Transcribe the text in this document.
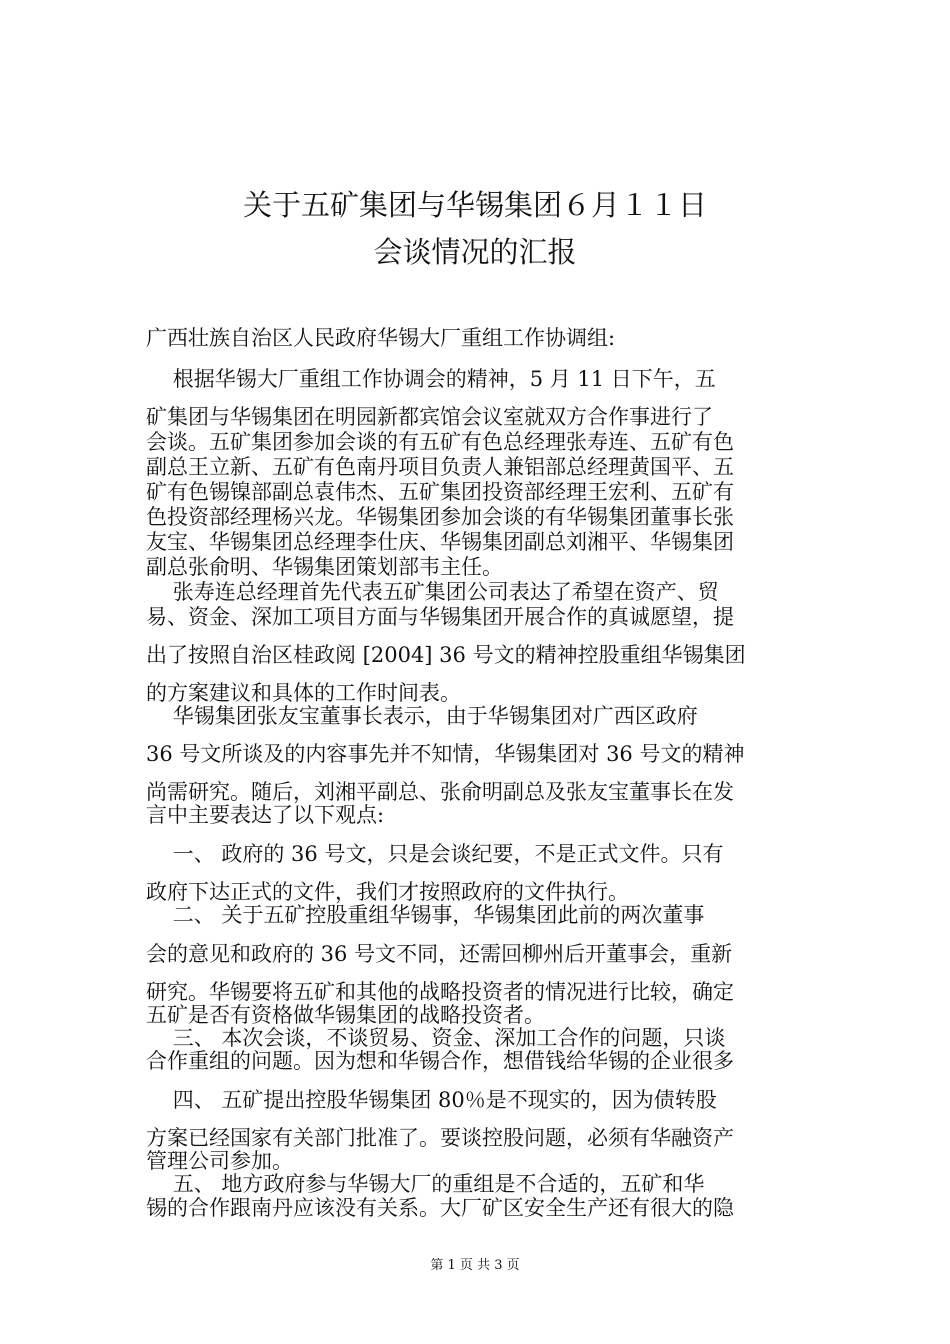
关于五矿集团与华锡集团６月１１日
会谈情况的汇报
广西壮族自治区人民政府华锡大厂重组工作协调组:
根据华锡大厂重组工作协调会的精神，5 月 11 日下午，五
矿集团与华锡集团在明园新都宾馆会议室就双方合作事进行了
会谈。五矿集团参加会谈的有五矿有色总经理张寿连、五矿有色
副总王立新、五矿有色南丹项目负责人兼铝部总经理黄国平、五
矿有色锡镍部副总袁伟杰、五矿集团投资部经理王宏利、五矿有
色投资部经理杨兴龙。华锡集团参加会谈的有华锡集团董事长张
友宝、华锡集团总经理李仕庆、华锡集团副总刘湘平、华锡集团
副总张俞明、华锡集团策划部韦主任。
张寿连总经理首先代表五矿集团公司表达了希望在资产、贸
易、资金、深加工项目方面与华锡集团开展合作的真诚愿望，提
出了按照自治区桂政阅 [2004] 36 号文的精神控股重组华锡集团
的方案建议和具体的工作时间表。
华锡集团张友宝董事长表示，由于华锡集团对广西区政府
36 号文所谈及的内容事先并不知情，华锡集团对 36 号文的精神
尚需研究。随后，刘湘平副总、张俞明副总及张友宝董事长在发
言中主要表达了以下观点:
一、 政府的 36 号文，只是会谈纪要，不是正式文件。只有
政府下达正式的文件，我们才按照政府的文件执行。
二、 关于五矿控股重组华锡事，华锡集团此前的两次董事
会的意见和政府的 36 号文不同，还需回柳州后开董事会，重新
研究。华锡要将五矿和其他的战略投资者的情况进行比较，确定
五矿是否有资格做华锡集团的战略投资者。
三、 本次会谈，不谈贸易、资金、深加工合作的问题，只谈
合作重组的问题。因为想和华锡合作，想借钱给华锡的企业很多
四、 五矿提出控股华锡集团 80％是不现实的，因为债转股
方案已经国家有关部门批准了。要谈控股问题，必须有华融资产
管理公司参加。
五、 地方政府参与华锡大厂的重组是不合适的，五矿和华
锡的合作跟南丹应该没有关系。大厂矿区安全生产还有很大的隐
第 1 页 共 3 页
